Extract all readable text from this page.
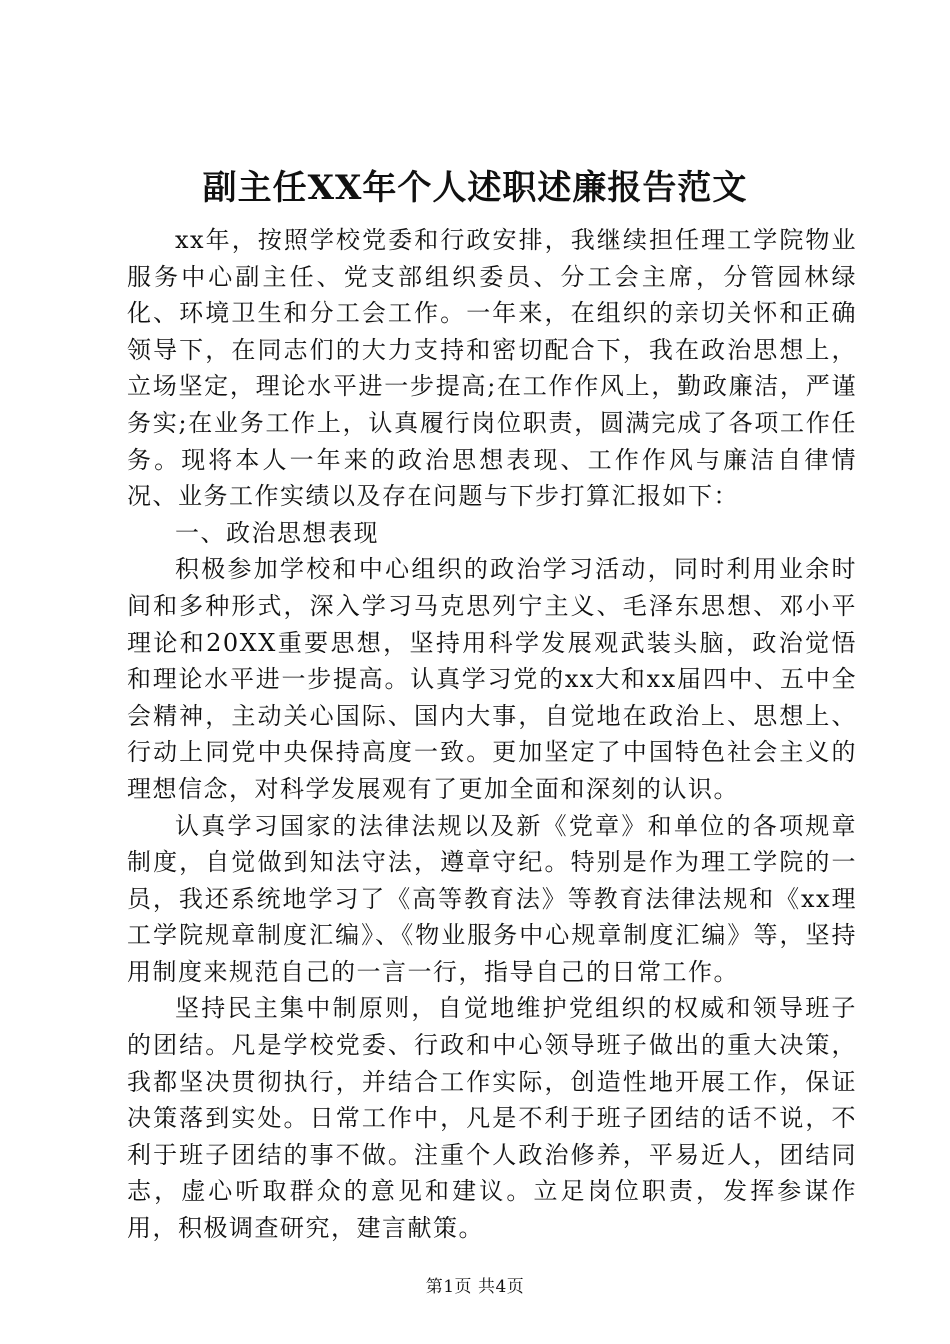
副主任XX年个人述职述廉报告范文

xx年，按照学校党委和行政安排，我继续担任理工学院物业服务中心副主任、党支部组织委员、分工会主席，分管园林绿化、环境卫生和分工会工作。一年来，在组织的亲切关怀和正确领导下，在同志们的大力支持和密切配合下，我在政治思想上，立场坚定，理论水平进一步提高;在工作作风上，勤政廉洁，严谨务实;在业务工作上，认真履行岗位职责，圆满完成了各项工作任务。现将本人一年来的政治思想表现、工作作风与廉洁自律情况、业务工作实绩以及存在问题与下步打算汇报如下：

一、政治思想表现

积极参加学校和中心组织的政治学习活动，同时利用业余时间和多种形式，深入学习马克思列宁主义、毛泽东思想、邓小平理论和20XX重要思想，坚持用科学发展观武装头脑，政治觉悟和理论水平进一步提高。认真学习党的xx大和xx届四中、五中全会精神，主动关心国际、国内大事，自觉地在政治上、思想上、行动上同党中央保持高度一致。更加坚定了中国特色社会主义的理想信念，对科学发展观有了更加全面和深刻的认识。

认真学习国家的法律法规以及新《党章》和单位的各项规章制度，自觉做到知法守法，遵章守纪。特别是作为理工学院的一员，我还系统地学习了《高等教育法》等教育法律法规和《xx理工学院规章制度汇编》、《物业服务中心规章制度汇编》等，坚持用制度来规范自己的一言一行，指导自己的日常工作。

坚持民主集中制原则，自觉地维护党组织的权威和领导班子的团结。凡是学校党委、行政和中心领导班子做出的重大决策，我都坚决贯彻执行，并结合工作实际，创造性地开展工作，保证决策落到实处。日常工作中，凡是不利于班子团结的话不说，不利于班子团结的事不做。注重个人政治修养，平易近人，团结同志，虚心听取群众的意见和建议。立足岗位职责，发挥参谋作用，积极调查研究，建言献策。

第1页 共4页
